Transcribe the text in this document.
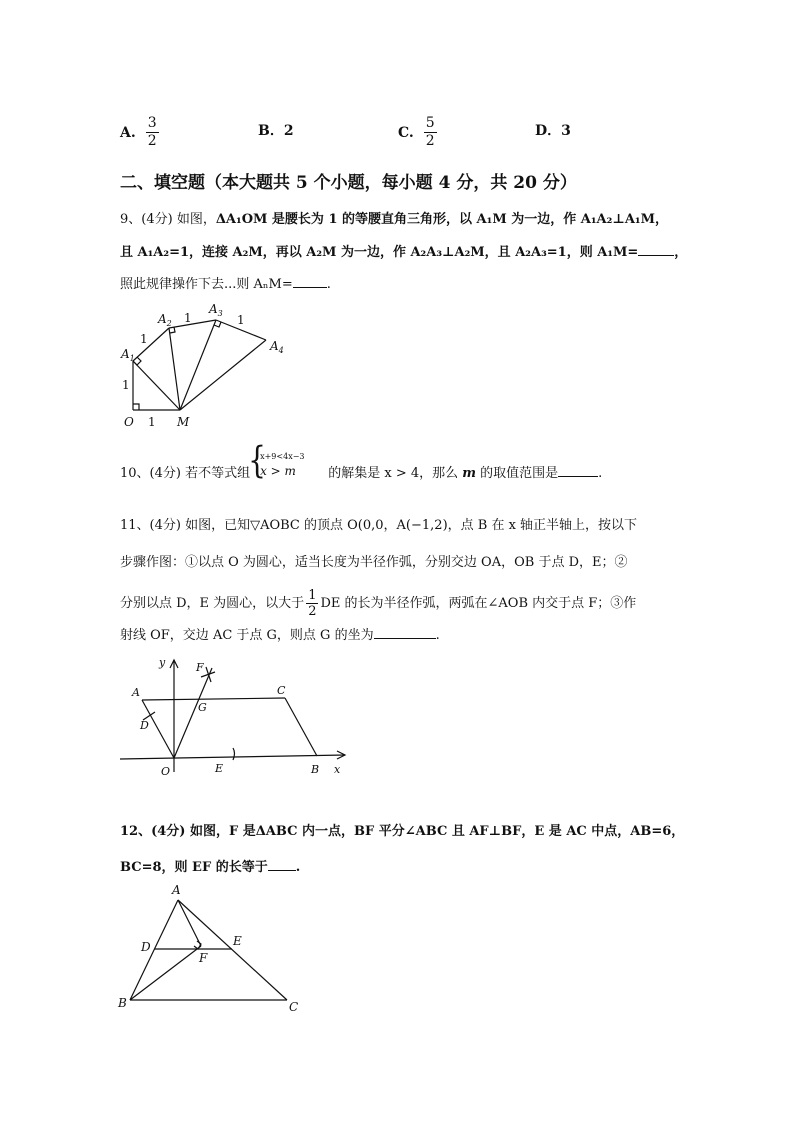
A. $\frac{3}{2}$	B．2	C. $\frac{5}{2}$	D．3
二、填空题（本大题共 5 个小题，每小题 4 分，共 20 分）
9、(4分) 如图，ΔA₁OM 是腰长为 1 的等腰直角三角形，以 A₁M 为一边，作 A₁A₂⊥A₁M，
且 A₁A₂=1，连接 A₂M，再以 A₂M 为一边，作 A₂A₃⊥A₂M，且 A₂A₃=1，则 A₁M=	，
照此规律操作下去...则 AₙM=	.
$A_1$
$A_2$
$A_3$
$A_4$
O	M
1
1
1
1	1
10、(4分) 若不等式组
{
x+9<4x−3
x > m 的解集是 x > 4，那么 m 的取值范围是	.
11、(4分) 如图，已知▽AOBC 的顶点 O(0,0，A(−1,2)，点 B 在 x 轴正半轴上，按以下
步骤作图：①以点 O 为圆心，适当长度为半径作弧，分别交边 OA，OB 于点 D，E；②
分别以点 D，E 为圆心，以大于 $\frac{1}{2}$ DE 的长为半径作弧，两弧在∠AOB 内交于点 F；③作
射线 OF，交边 AC 于点 G，则点 G 的坐为	.
y	F
A	C
D
G
O	E	B x
12、(4分) 如图，F 是ΔABC 内一点，BF 平分∠ABC 且 AF⊥BF，E 是 AC 中点，AB=6，
BC=8，则 EF 的长等于 .
A
D	E
F
B	C
